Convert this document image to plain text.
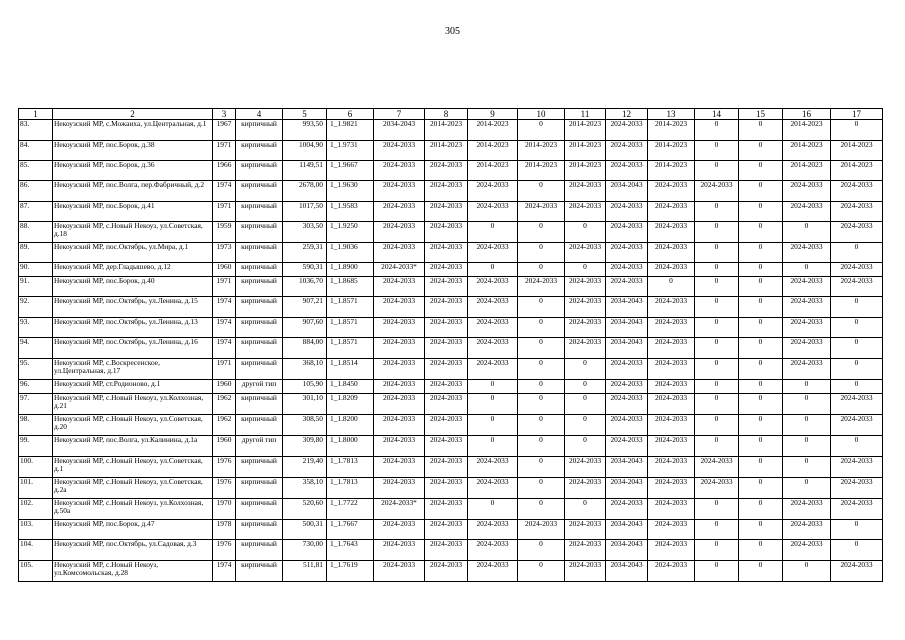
305
1	2	3	4	5	6	7	8	9	10	11	12	13	14	15	16	17
83.	Некоузский МР, с.Можаиха, ул.Центральная, д.1	1967	кирпичный	993,50	1_1.9821	2034-2043	2014-2023	2014-2023	0	2014-2023	2024-2033	2014-2023	0	0	2014-2023	0
84.	Некоузский МР, пос.Борок, д.38	1971	кирпичный	1004,90	1_1.9731	2024-2033	2014-2023	2014-2023	2014-2023	2014-2023	2024-2033	2014-2023	0	0	2014-2023	2014-2023
85.	Некоузский МР, пос.Борок, д.36	1966	кирпичный	1149,51	1_1.9667	2024-2033	2024-2033	2014-2023	2014-2023	2014-2023	2024-2033	2014-2023	0	0	2014-2023	2014-2023
86.	Некоузский МР, пос.Волга, пер.Фабричный, д.2	1974	кирпичный	2678,00	1_1.9630	2024-2033	2024-2033	2024-2033	0	2024-2033	2034-2043	2024-2033	2024-2033	0	2024-2033	2024-2033
87.	Некоузский МР, пос.Борок, д.41	1971	кирпичный	1017,50	1_1.9583	2024-2033	2024-2033	2024-2033	2024-2033	2024-2033	2024-2033	2024-2033	0	0	2024-2033	2024-2033
88.	Некоузский МР, с.Новый Некоуз, ул.Советская, д.18	1959	кирпичный	303,50	1_1.9250	2024-2033	2024-2033	0	0	0	2024-2033	2024-2033	0	0	0	2024-2033
89.	Некоузский МР, пос.Октябрь, ул.Мира, д.1	1973	кирпичный	259,31	1_1.9036	2024-2033	2024-2033	2024-2033	0	2024-2033	2024-2033	2024-2033	0	0	2024-2033	0
90.	Некоузский МР, дер.Гладышево, д.12	1960	кирпичный	590,31	1_1.8900	2024-2033*	2024-2033	0	0	0	2024-2033	2024-2033	0	0	0	2024-2033
91.	Некоузский МР, пос.Борок, д.40	1971	кирпичный	1036,70	1_1.8685	2024-2033	2024-2033	2024-2033	2024-2033	2024-2033	2024-2033	0	0	0	2024-2033	2024-2033
92.	Некоузский МР, пос.Октябрь, ул.Ленина, д.15	1974	кирпичный	907,21	1_1.8571	2024-2033	2024-2033	2024-2033	0	2024-2033	2034-2043	2024-2033	0	0	2024-2033	0
93.	Некоузский МР, пос.Октябрь, ул.Ленина, д.13	1974	кирпичный	907,60	1_1.8571	2024-2033	2024-2033	2024-2033	0	2024-2033	2034-2043	2024-2033	0	0	2024-2033	0
94.	Некоузский МР, пос.Октябрь, ул.Ленина, д.16	1974	кирпичный	884,00	1_1.8571	2024-2033	2024-2033	2024-2033	0	2024-2033	2034-2043	2024-2033	0	0	2024-2033	0
95.	Некоузский МР, с.Воскресенское, ул.Центральная, д.17	1971	кирпичный	368,10	1_1.8514	2024-2033	2024-2033	2024-2033	0	0	2024-2033	2024-2033	0	0	2024-2033	0
96.	Некоузский МР, ст.Родионово, д.1	1960	другой тип	105,90	1_1.8450	2024-2033	2024-2033	0	0	0	2024-2033	2024-2033	0	0	0	0
97.	Некоузский МР, с.Новый Некоуз, ул.Колхозная, д.21	1962	кирпичный	301,10	1_1.8209	2024-2033	2024-2033	0	0	0	2024-2033	2024-2033	0	0	0	2024-2033
98.	Некоузский МР, с.Новый Некоуз, ул.Советская, д.20	1962	кирпичный	308,50	1_1.8200	2024-2033	2024-2033	0	0	0	2024-2033	2024-2033	0	0	0	2024-2033
99.	Некоузский МР, пос.Волга, ул.Калинина, д.1а	1960	другой тип	309,80	1_1.8000	2024-2033	2024-2033	0	0	0	2024-2033	2024-2033	0	0	0	0
100.	Некоузский МР, с.Новый Некоуз, ул.Советская, д.1	1976	кирпичный	219,40	1_1.7813	2024-2033	2024-2033	2024-2033	0	2024-2033	2034-2043	2024-2033	2024-2033	0	0	2024-2033
101.	Некоузский МР, с.Новый Некоуз, ул.Советская, д.2а	1976	кирпичный	358,10	1_1.7813	2024-2033	2024-2033	2024-2033	0	2024-2033	2034-2043	2024-2033	2024-2033	0	0	2024-2033
102.	Некоузский МР, с.Новый Некоуз, ул.Колхозная, д.50а	1970	кирпичный	520,60	1_1.7722	2024-2033*	2024-2033	0	0	0	2024-2033	2024-2033	0	0	2024-2033	2024-2033
103.	Некоузский МР, пос.Борок, д.47	1978	кирпичный	500,31	1_1.7667	2024-2033	2024-2033	2024-2033	2024-2033	2024-2033	2034-2043	2024-2033	0	0	2024-2033	0
104.	Некоузский МР, пос.Октябрь, ул.Садовая, д.3	1976	кирпичный	730,00	1_1.7643	2024-2033	2024-2033	2024-2033	0	2024-2033	2034-2043	2024-2033	0	0	2024-2033	0
105.	Некоузский МР, с.Новый Некоуз, ул.Комсомольская, д.28	1974	кирпичный	511,81	1_1.7619	2024-2033	2024-2033	2024-2033	0	2024-2033	2034-2043	2024-2033	0	0	0	2024-2033
